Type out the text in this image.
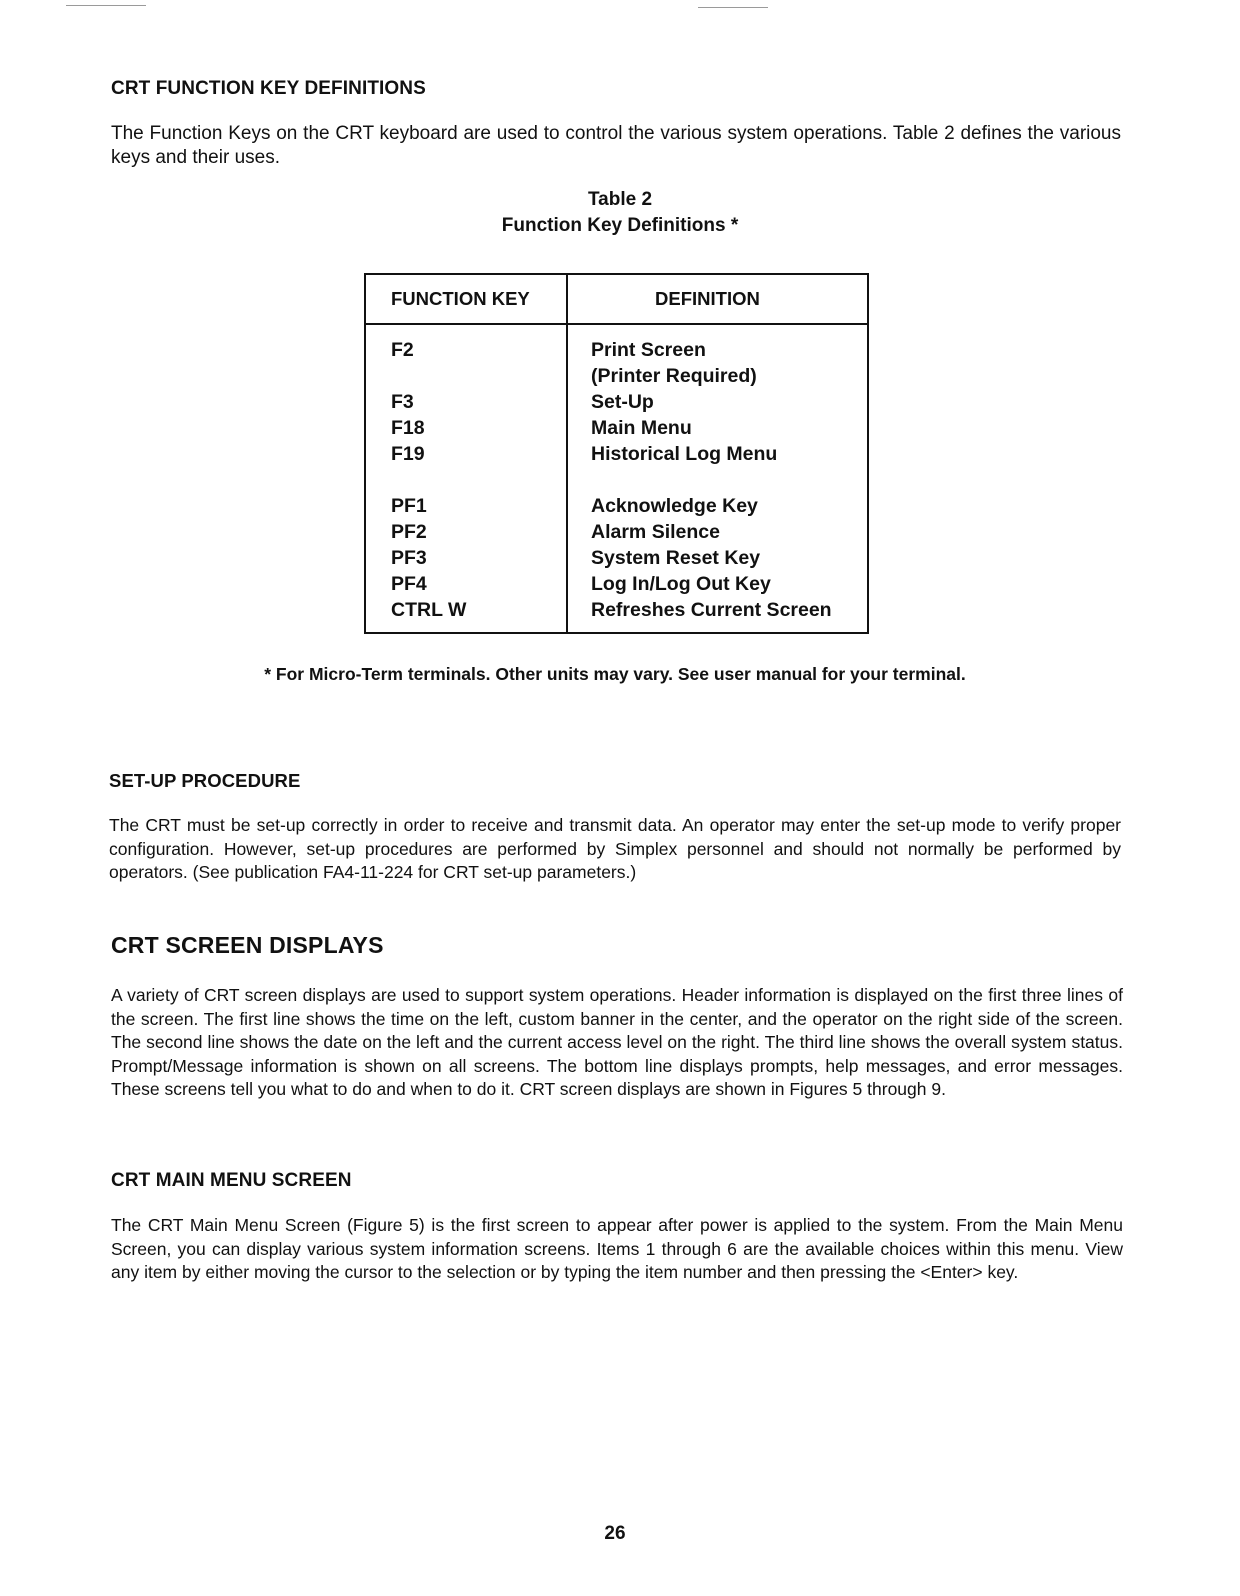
CRT FUNCTION KEY DEFINITIONS
The Function Keys on the CRT keyboard are used to control the various system operations. Table 2 defines the various keys and their uses.
Table 2
Function Key Definitions *
FUNCTION KEY	DEFINITION
F2
F3
F18
F19
PF1
PF2
PF3
PF4
CTRL W
Print Screen
(Printer Required)
Set-Up
Main Menu
Historical Log Menu
Acknowledge Key
Alarm Silence
System Reset Key
Log In/Log Out Key
Refreshes Current Screen
* For Micro-Term terminals. Other units may vary. See user manual for your terminal.
SET-UP PROCEDURE
The CRT must be set-up correctly in order to receive and transmit data. An operator may enter the set-up mode to verify proper configuration. However, set-up procedures are performed by Simplex personnel and should not normally be performed by operators. (See publication FA4-11-224 for CRT set-up parameters.)
CRT SCREEN DISPLAYS
A variety of CRT screen displays are used to support system operations. Header information is displayed on the first three lines of the screen. The first line shows the time on the left, custom banner in the center, and the operator on the right side of the screen. The second line shows the date on the left and the current access level on the right. The third line shows the overall system status. Prompt/Message information is shown on all screens. The bottom line displays prompts, help messages, and error messages. These screens tell you what to do and when to do it. CRT screen displays are shown in Figures 5 through 9.
CRT MAIN MENU SCREEN
The CRT Main Menu Screen (Figure 5) is the first screen to appear after power is applied to the system. From the Main Menu Screen, you can display various system information screens. Items 1 through 6 are the available choices within this menu. View any item by either moving the cursor to the selection or by typing the item number and then pressing the <Enter> key.
26
